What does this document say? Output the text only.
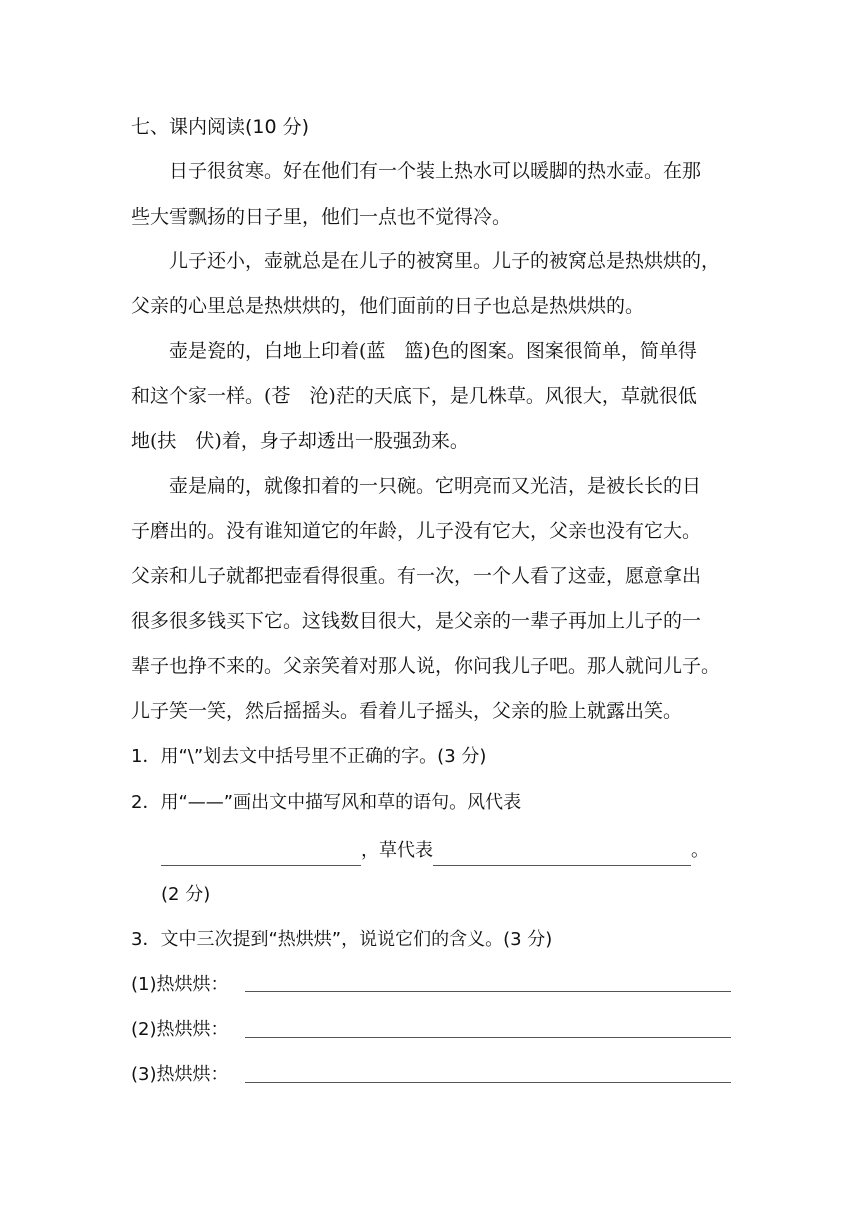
七、课内阅读(10 分)
　　日子很贫寒。好在他们有一个装上热水可以暖脚的热水壶。在那
些大雪飘扬的日子里，他们一点也不觉得冷。
　　儿子还小，壶就总是在儿子的被窝里。儿子的被窝总是热烘烘的，
父亲的心里总是热烘烘的，他们面前的日子也总是热烘烘的。
　　壶是瓷的，白地上印着(蓝　篮)色的图案。图案很简单，简单得
和这个家一样。(苍　沧)茫的天底下，是几株草。风很大，草就很低
地(扶　伏)着，身子却透出一股强劲来。
　　壶是扁的，就像扣着的一只碗。它明亮而又光洁，是被长长的日
子磨出的。没有谁知道它的年龄，儿子没有它大，父亲也没有它大。
父亲和儿子就都把壶看得很重。有一次，一个人看了这壶，愿意拿出
很多很多钱买下它。这钱数目很大，是父亲的一辈子再加上儿子的一
辈子也挣不来的。父亲笑着对那人说，你问我儿子吧。那人就问儿子。
儿子笑一笑，然后摇摇头。看着儿子摇头，父亲的脸上就露出笑。
1．用“\”划去文中括号里不正确的字。(3 分)
2．用“——”画出文中描写风和草的语句。风代表
，草代表	。
(2 分)
3．文中三次提到“热烘烘”，说说它们的含义。(3 分)
(1)热烘烘：
(2)热烘烘：
(3)热烘烘：
